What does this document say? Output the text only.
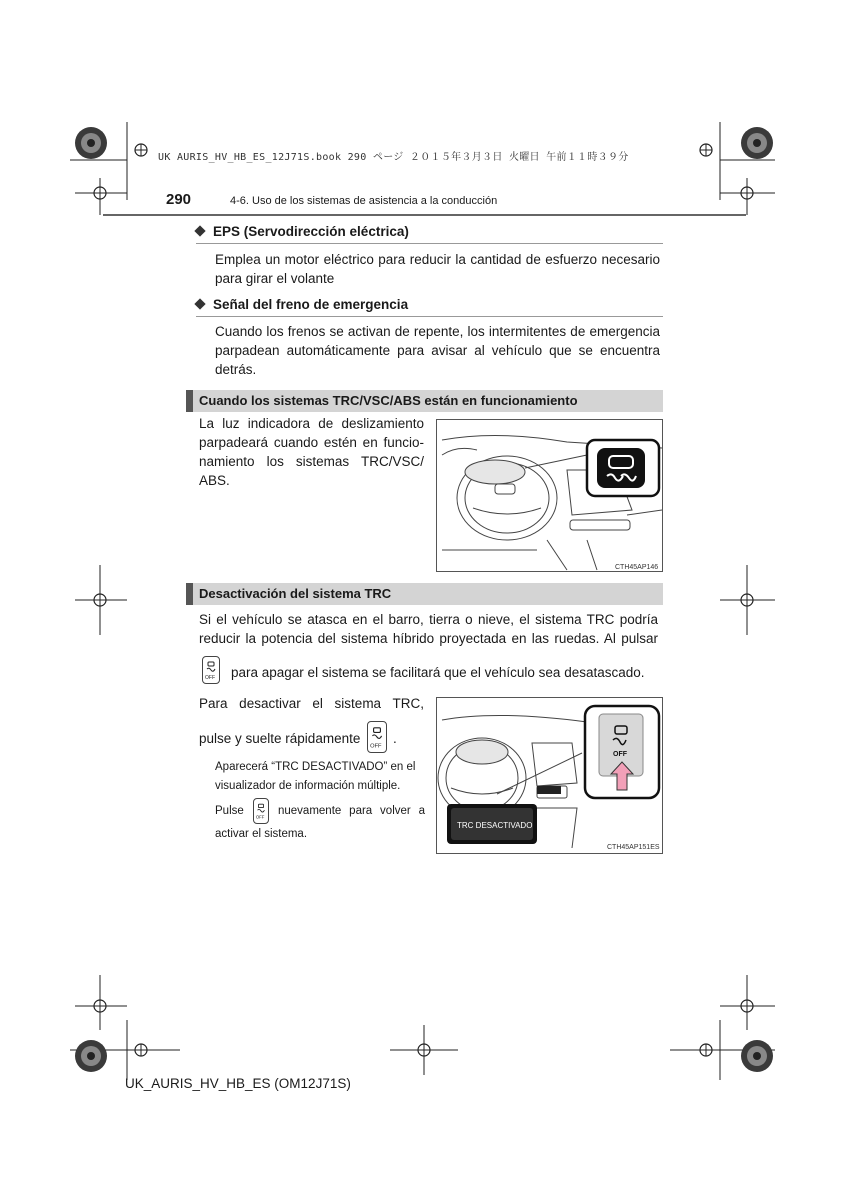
UK AURIS_HV_HB_ES_12J71S.book 290 ページ ２０１５年３月３日 火曜日 午前１１時３９分
290	4-6. Uso de los sistemas de asistencia a la conducción
EPS (Servodirección eléctrica)
Emplea un motor eléctrico para reducir la cantidad de esfuerzo necesario
para girar el volante
Señal del freno de emergencia
Cuando los frenos se activan de repente, los intermitentes de emergencia
parpadean automáticamente para avisar al vehículo que se encuentra
detrás.
Cuando los sistemas TRC/VSC/ABS están en funcionamiento
La luz indicadora de deslizamiento
parpadeará cuando estén en funcio-
namiento los sistemas TRC/VSC/
ABS.
CTH45AP146
Desactivación del sistema TRC
Si el vehículo se atasca en el barro, tierra o nieve, el sistema TRC podría
reducir la potencia del sistema híbrido proyectada en las ruedas. Al pulsar
OFF para apagar el sistema se facilitará que el vehículo sea desatascado.
Para desactivar el sistema TRC,
pulse y suelte rápidamente
OFF
.
Aparecerá “TRC DESACTIVADO” en el
visualizador de información múltiple.
Pulse
OFF
nuevamente para volver a
activar el sistema.
TRC DESACTIVADO
OFF
CTH45AP151ES
UK_AURIS_HV_HB_ES (OM12J71S)
